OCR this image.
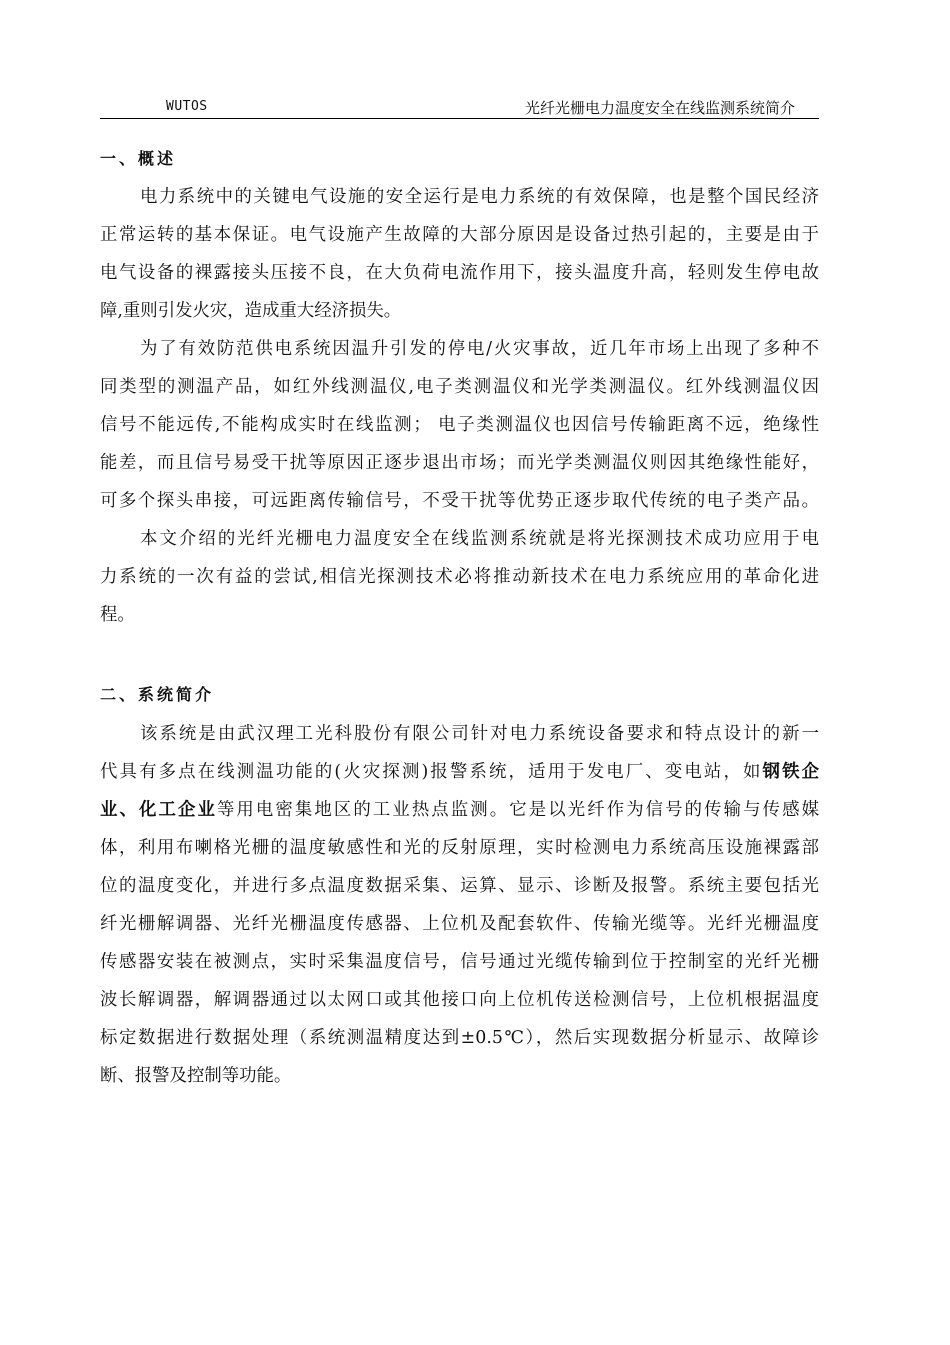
WUTOS	光纤光栅电力温度安全在线监测系统简介
一、概述
电力系统中的关键电气设施的安全运行是电力系统的有效保障，也是整个国民经济
正常运转的基本保证。电气设施产生故障的大部分原因是设备过热引起的，主要是由于
电气设备的裸露接头压接不良，在大负荷电流作用下，接头温度升高，轻则发生停电故
障,重则引发火灾，造成重大经济损失。
为了有效防范供电系统因温升引发的停电/火灾事故，近几年市场上出现了多种不
同类型的测温产品，如红外线测温仪,电子类测温仪和光学类测温仪。红外线测温仪因
信号不能远传,不能构成实时在线监测； 电子类测温仪也因信号传输距离不远，绝缘性
能差，而且信号易受干扰等原因正逐步退出市场；而光学类测温仪则因其绝缘性能好，
可多个探头串接，可远距离传输信号，不受干扰等优势正逐步取代传统的电子类产品。
本文介绍的光纤光栅电力温度安全在线监测系统就是将光探测技术成功应用于电
力系统的一次有益的尝试,相信光探测技术必将推动新技术在电力系统应用的革命化进
程。
二、系统简介
该系统是由武汉理工光科股份有限公司针对电力系统设备要求和特点设计的新一
代具有多点在线测温功能的(火灾探测)报警系统，适用于发电厂、变电站，如钢铁企
业、化工企业等用电密集地区的工业热点监测。它是以光纤作为信号的传输与传感媒
体，利用布喇格光栅的温度敏感性和光的反射原理，实时检测电力系统高压设施裸露部
位的温度变化，并进行多点温度数据采集、运算、显示、诊断及报警。系统主要包括光
纤光栅解调器、光纤光栅温度传感器、上位机及配套软件、传输光缆等。光纤光栅温度
传感器安装在被测点，实时采集温度信号，信号通过光缆传输到位于控制室的光纤光栅
波长解调器，解调器通过以太网口或其他接口向上位机传送检测信号，上位机根据温度
标定数据进行数据处理（系统测温精度达到±0.5℃），然后实现数据分析显示、故障诊
断、报警及控制等功能。
